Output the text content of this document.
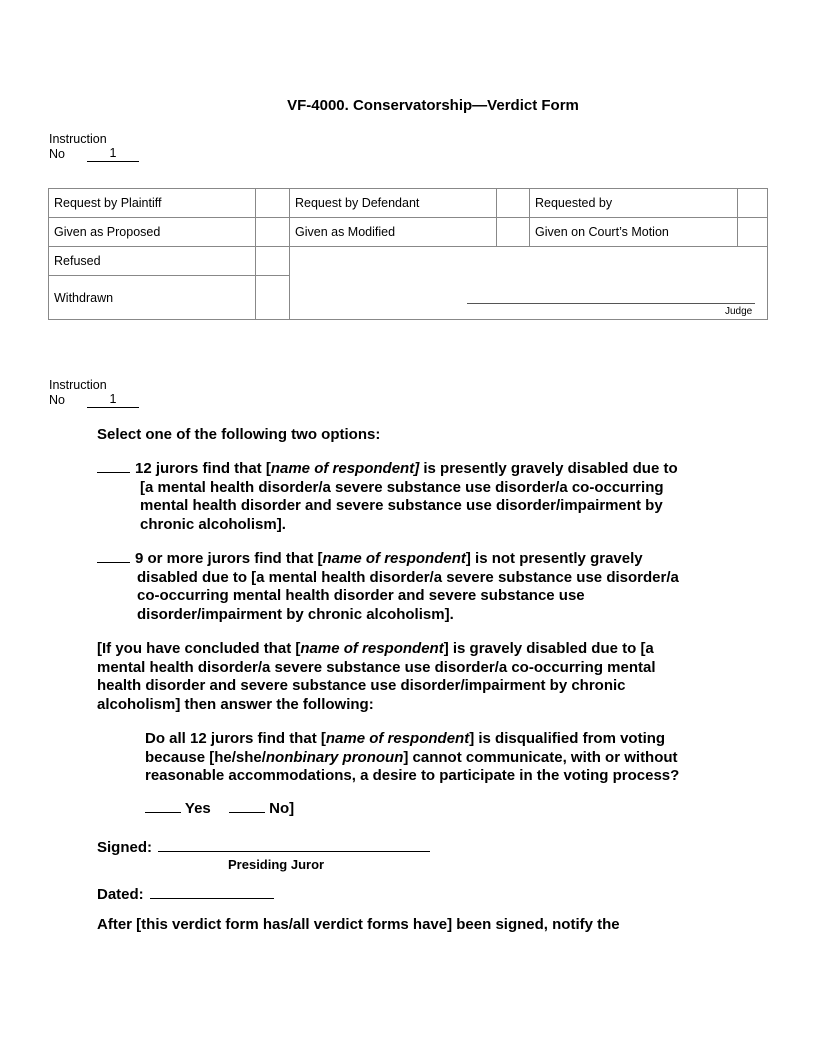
VF-4000. Conservatorship—Verdict Form
Instruction
No	1
Request by Plaintiff	Request by Defendant	Requested by
Given as Proposed	Given as Modified	Given on Court’s Motion
Refused
Withdrawn
Judge
Instruction
No	1
Select one of the following two options:
12 jurors find that [name of respondent] is presently gravely disabled due to
[a mental health disorder/a severe substance use disorder/a co-occurring
mental health disorder and severe substance use disorder/impairment by
chronic alcoholism].
9 or more jurors find that [name of respondent] is not presently gravely
disabled due to [a mental health disorder/a severe substance use disorder/a
co-occurring mental health disorder and severe substance use
disorder/impairment by chronic alcoholism].
[If you have concluded that [name of respondent] is gravely disabled due to [a
mental health disorder/a severe substance use disorder/a co-occurring mental
health disorder and severe substance use disorder/impairment by chronic
alcoholism] then answer the following:
Do all 12 jurors find that [name of respondent] is disqualified from voting
because [he/she/nonbinary pronoun] cannot communicate, with or without
reasonable accommodations, a desire to participate in the voting process?
Yes	No]
Signed:
Presiding Juror
Dated:
After [this verdict form has/all verdict forms have] been signed, notify the
